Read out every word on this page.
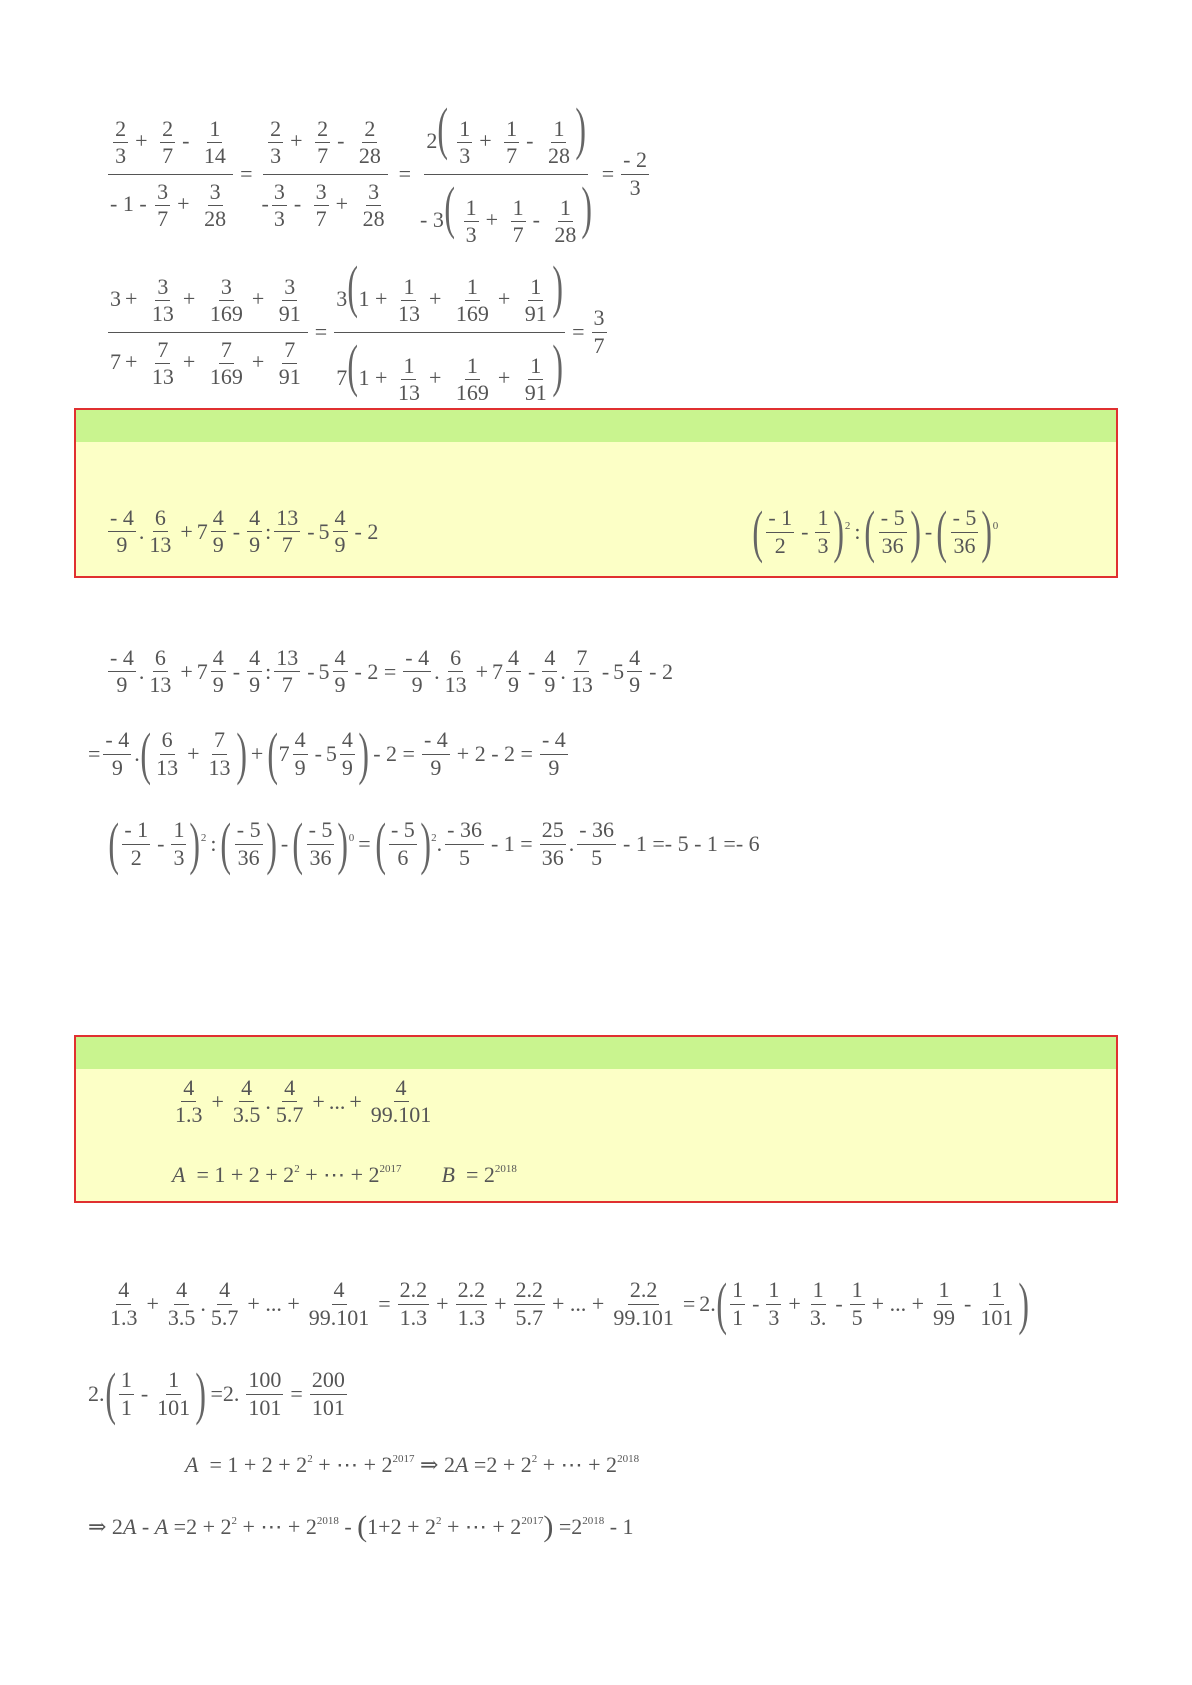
$\frac{\frac{2}{3} + \frac{2}{7} - \frac{1}{14}}{- 1 - \frac{3}{7} + \frac{3}{28}} = \frac{\frac{2}{3} + \frac{2}{7} - \frac{2}{28}}{- \frac{3}{3} - \frac{3}{7} + \frac{3}{28}} = \frac{2( \frac{1}{3} + \frac{1}{7} - \frac{1}{28} )}{- 3( \frac{1}{3} + \frac{1}{7} - \frac{1}{28} )} = \frac{- 2}{3}$
$\frac{3 + \frac{3}{13} + \frac{3}{169} + \frac{3}{91}}{7 + \frac{7}{13} + \frac{7}{169} + \frac{7}{91}} = \frac{3(1 + \frac{1}{13} + \frac{1}{169} + \frac{1}{91} )}{7(1 + \frac{1}{13} + \frac{1}{169} + \frac{1}{91} )} = \frac{3}{7}$
$\frac{- 4}{9}$ . $\frac{6}{13} + 7 \frac{4}{9} - \frac{4}{9}$ : $\frac{13}{7} - 5 \frac{4}{9} - 2$	( $\frac{- 1}{2} - \frac{1}{3} )^2$ : ( $\frac{- 5}{36}$ ) - ( $\frac{- 5}{36} )^0$
$\frac{- 4}{9}$ . $\frac{6}{13} + 7 \frac{4}{9} - \frac{4}{9}$ : $\frac{13}{7} - 5 \frac{4}{9} - 2 = \frac{- 4}{9}$ . $\frac{6}{13} + 7 \frac{4}{9} - \frac{4}{9}$ . $\frac{7}{13} - 5 \frac{4}{9} - 2$
= $\frac{- 4}{9}$ . ( $\frac{6}{13} + \frac{7}{13}$ ) + ( $7 \frac{4}{9} - 5 \frac{4}{9}$ ) - $2 = \frac{- 4}{9} + 2 - 2 = \frac{- 4}{9}$
( $\frac{- 1}{2} - \frac{1}{3} )^2$ : ( $\frac{- 5}{36}$ ) - ( $\frac{- 5}{36} )^0$ = ( $\frac{- 5}{6} )^2$ . $\frac{- 36}{5} - 1 = \frac{25}{36}$ . $\frac{- 36}{5} - 1 =- 5 - 1 =- 6$
$\frac{4}{1.3} + \frac{4}{3.5}$ . $\frac{4}{5.7}$ + ... + $\frac{4}{99.101}$
A
= $1 + 2 + 2^2$
+ ⋯ + $2^{2017}$ B
= $2^{2018}$
$\frac{4}{1.3} + \frac{4}{3.5}$ . $\frac{4}{5.7}$ + ... + $\frac{4}{99.101} = \frac{2.2}{1.3} + \frac{2.2}{1.3} + \frac{2.2}{5.7}$ + ... + $\frac{2.2}{99.101} = 2$. ( $\frac{1}{1} - \frac{1}{3} + \frac{1}{3.} - \frac{1}{5}$ + ... + $\frac{1}{99} - \frac{1}{101}$ )
2. ( $\frac{1}{1} - \frac{1}{101}$ ) =2. $\frac{100}{101} = \frac{200}{101}$
A
= $1 + 2 + 2^2$
+ ⋯ + $2^{2017}$
⇒ 2 A
$=2 + 2^2$
+ ⋯ + $2^{2018}$
⇒ 2 A
-
A
$=2 + 2^2$
+ ⋯ + $2^{2018}$
-
( $1+2 + 2^2$
+ ⋯ + $2^{2017}$ )
$=2^{2018}$
- 1
